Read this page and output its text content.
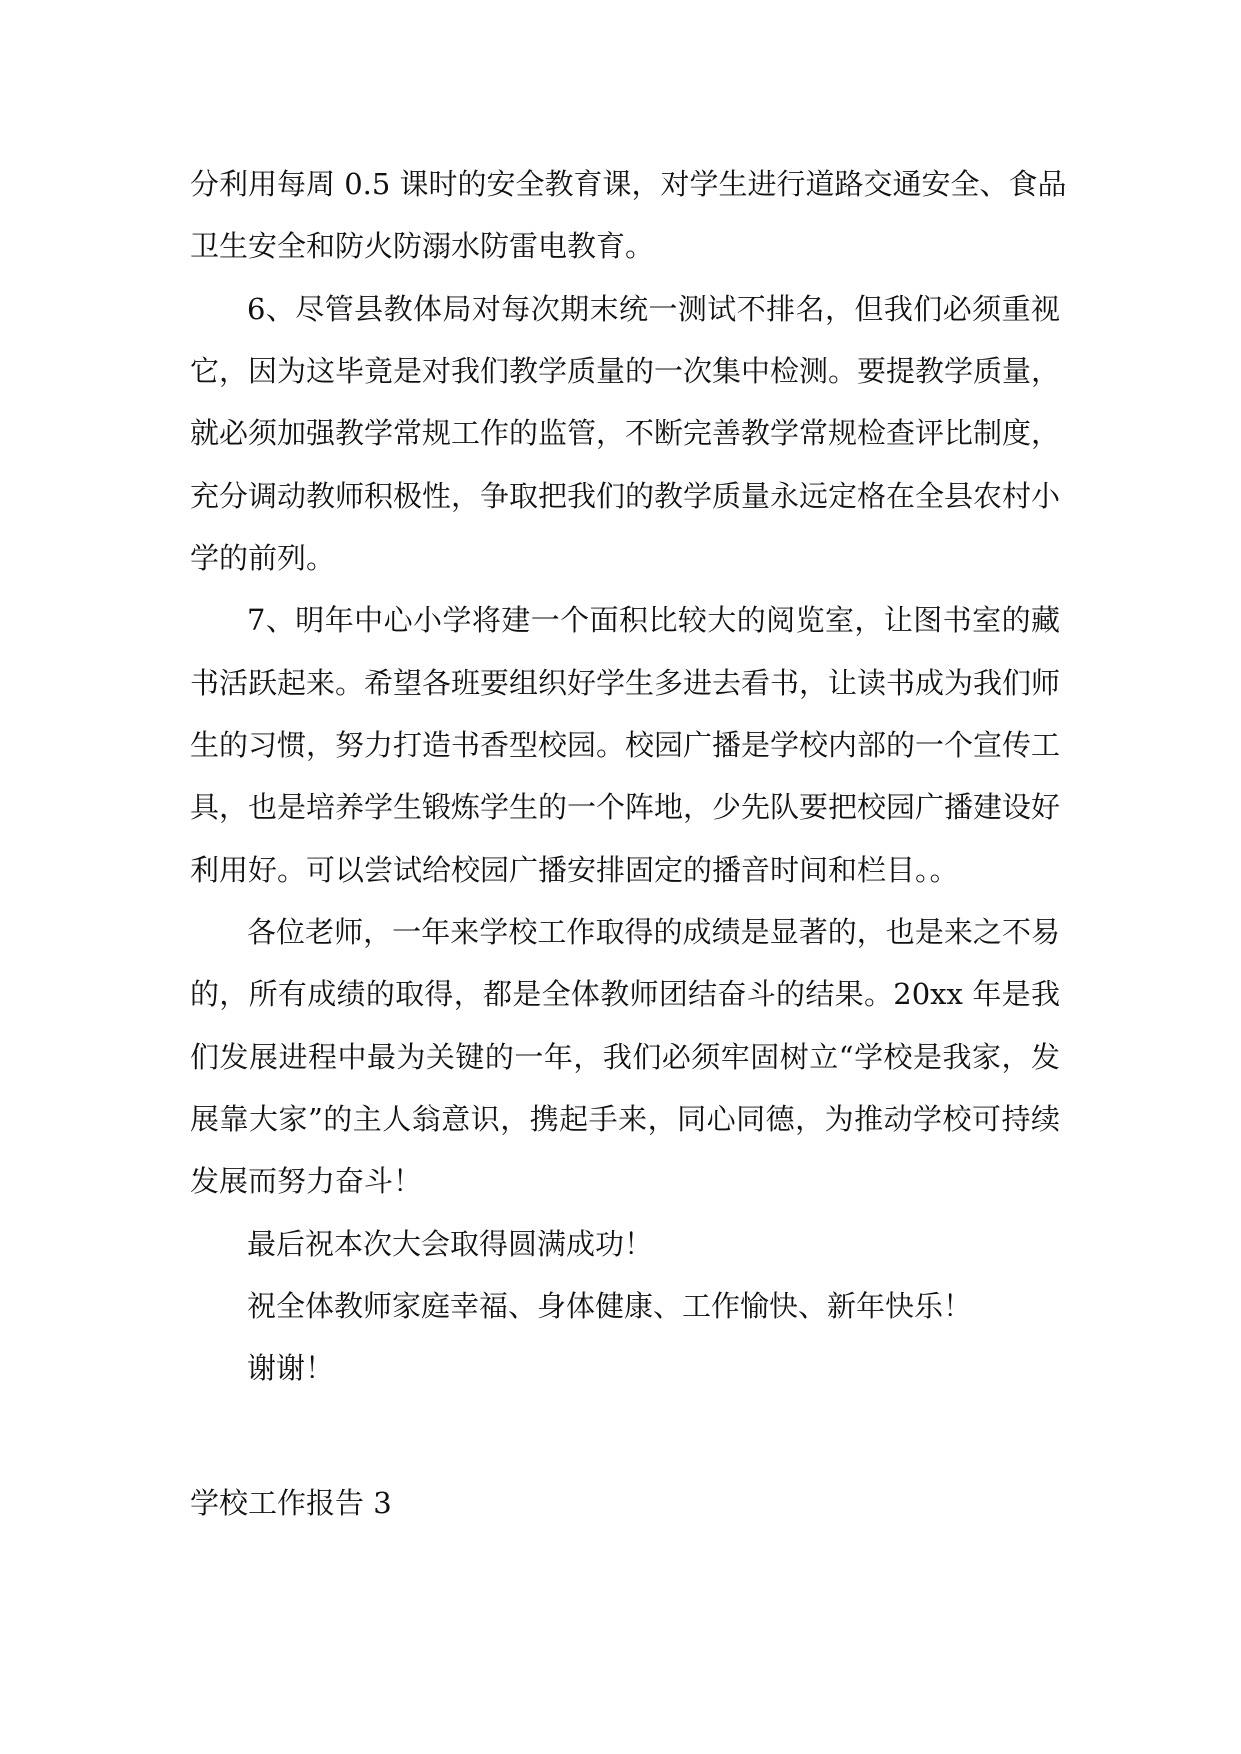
分利用每周 0.5 课时的安全教育课，对学生进行道路交通安全、食品
卫生安全和防火防溺水防雷电教育。
6、尽管县教体局对每次期末统一测试不排名，但我们必须重视
它，因为这毕竟是对我们教学质量的一次集中检测。要提教学质量，
就必须加强教学常规工作的监管，不断完善教学常规检查评比制度，
充分调动教师积极性，争取把我们的教学质量永远定格在全县农村小
学的前列。
7、明年中心小学将建一个面积比较大的阅览室，让图书室的藏
书活跃起来。希望各班要组织好学生多进去看书，让读书成为我们师
生的习惯，努力打造书香型校园。校园广播是学校内部的一个宣传工
具，也是培养学生锻炼学生的一个阵地，少先队要把校园广播建设好
利用好。可以尝试给校园广播安排固定的播音时间和栏目。。
各位老师，一年来学校工作取得的成绩是显著的，也是来之不易
的，所有成绩的取得，都是全体教师团结奋斗的结果。20xx 年是我
们发展进程中最为关键的一年，我们必须牢固树立“学校是我家，发
展靠大家”的主人翁意识，携起手来，同心同德，为推动学校可持续
发展而努力奋斗！
最后祝本次大会取得圆满成功！
祝全体教师家庭幸福、身体健康、工作愉快、新年快乐！
谢谢！
学校工作报告 3
